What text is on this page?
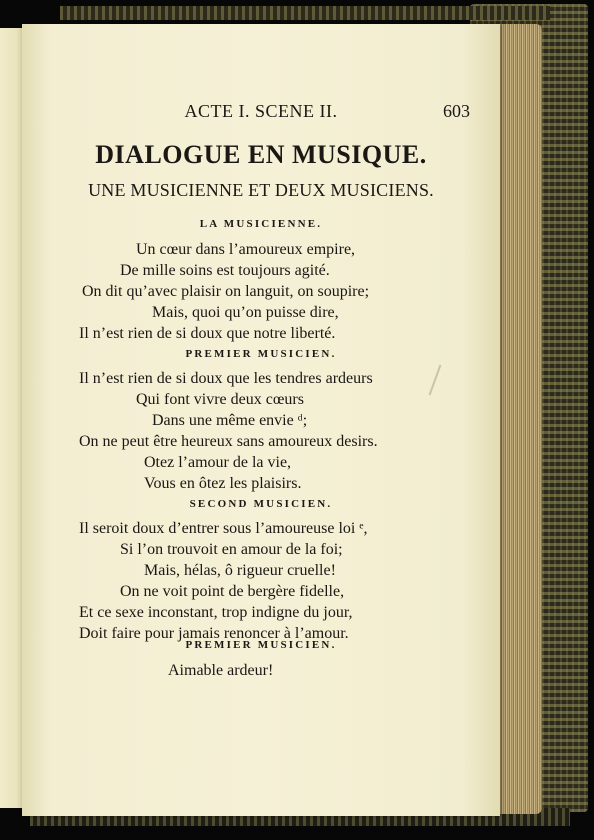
ACTE I. SCENE II.	603
DIALOGUE EN MUSIQUE.
UNE MUSICIENNE ET DEUX MUSICIENS.
LA MUSICIENNE.
Un cœur dans l’amoureux empire,
De mille soins est toujours agité.
On dit qu’avec plaisir on languit, on soupire;
Mais, quoi qu’on puisse dire,
Il n’est rien de si doux que notre liberté.
PREMIER MUSICIEN.
Il n’est rien de si doux que les tendres ardeurs
Qui font vivre deux cœurs
Dans une même envie ᵈ;
On ne peut être heureux sans amoureux desirs.
Otez l’amour de la vie,
Vous en ôtez les plaisirs.
SECOND MUSICIEN.
Il seroit doux d’entrer sous l’amoureuse loi ᵉ,
Si l’on trouvoit en amour de la foi;
Mais, hélas, ô rigueur cruelle!
On ne voit point de bergère fidelle,
Et ce sexe inconstant, trop indigne du jour,
Doit faire pour jamais renoncer à l’amour.
PREMIER MUSICIEN.
Aimable ardeur!
